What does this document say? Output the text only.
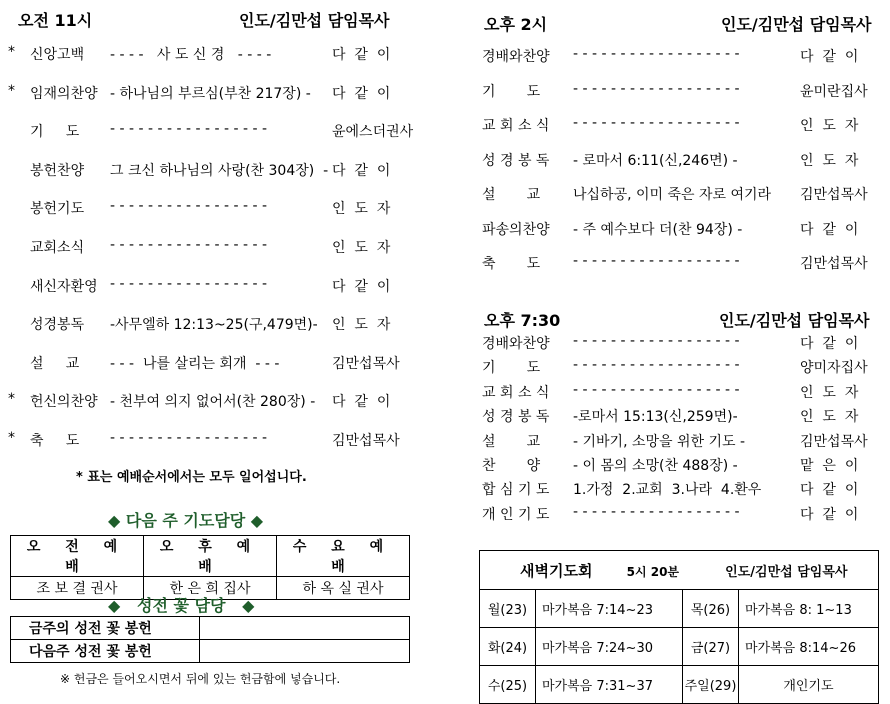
오전 11시	인도/김만섭 담임목사
* 신앙고백 - - - -   사 도 신 경   - - - -	다  같  이
* 임재의찬양 - 하나님의 부르심(부찬 217장) - 다  같  이
기     도 - - - - - - - - - - - - - - - - -	윤에스더권사
봉헌찬양 그 크신 하나님의 사랑(찬 304장)  - 다  같  이
봉헌기도 - - - - - - - - - - - - - - - - -	인  도  자
교회소식 - - - - - - - - - - - - - - - - -	인  도  자
새신자환영 - - - - - - - - - - - - - - - - -	다  같  이
성경봉독 -사무엘하 12:13~25(구,479면)- 인  도  자
설     교 - - -  나를 살리는 회개  - - -	김만섭목사
* 헌신의찬양 - 천부여 의지 없어서(찬 280장) - 다  같  이
* 축     도 - - - - - - - - - - - - - - - - -	김만섭목사
* 표는 예배순서에서는 모두 일어섭니다.
◆ 다음 주 기도담당 ◆
오 전 예 배	오 후 예 배	수 요 예 배
조 보 결 권사	한 은 희 집사	하 옥 실 권사
◆   성전 꽃 담당   ◆
금주의 성전 꽃 봉헌	
다음주 성전 꽃 봉헌	
※ 헌금은 들어오시면서 뒤에 있는 헌금함에 넣습니다.
오후 2시	인도/김만섭 담임목사
경배와찬양 - - - - - - - - - - - - - - - - - -	다  같  이
기       도 - - - - - - - - - - - - - - - - - -	윤미란집사
교 회 소 식 - - - - - - - - - - - - - - - - - -	인  도  자
성 경 봉 독 - 로마서 6:11(신,246면) -	인  도  자
설       교 나십하공, 이미 죽은 자로 여기라 김만섭목사
파송의찬양 - 주 예수보다 더(찬 94장) -	다  같  이
축       도 - - - - - - - - - - - - - - - - - -	김만섭목사
오후 7:30	인도/김만섭 담임목사
경배와찬양 - - - - - - - - - - - - - - - - - -	다  같  이
기       도 - - - - - - - - - - - - - - - - - -	양미자집사
교 회 소 식 - - - - - - - - - - - - - - - - - -	인  도  자
성 경 봉 독 -로마서 15:13(신,259면)-	인  도  자
설       교 - 기바기, 소망을 위한 기도 -	김만섭목사
찬       양 - 이 몸의 소망(찬 488장) -	맡  은  이
합 심 기 도 1.가정  2.교회  3.나라  4.환우	다  같  이
개 인 기 도 - - - - - - - - - - - - - - - - - -	다  같  이
새벽기도회 5시 20분 인도/김만섭 담임목사			
월(23)	마가복음 7:14~23	목(26)	마가복음 8: 1~13
화(24)	마가복음 7:24~30	금(27)	마가복음 8:14~26
수(25)	마가복음 7:31~37	주일(29)	개인기도
